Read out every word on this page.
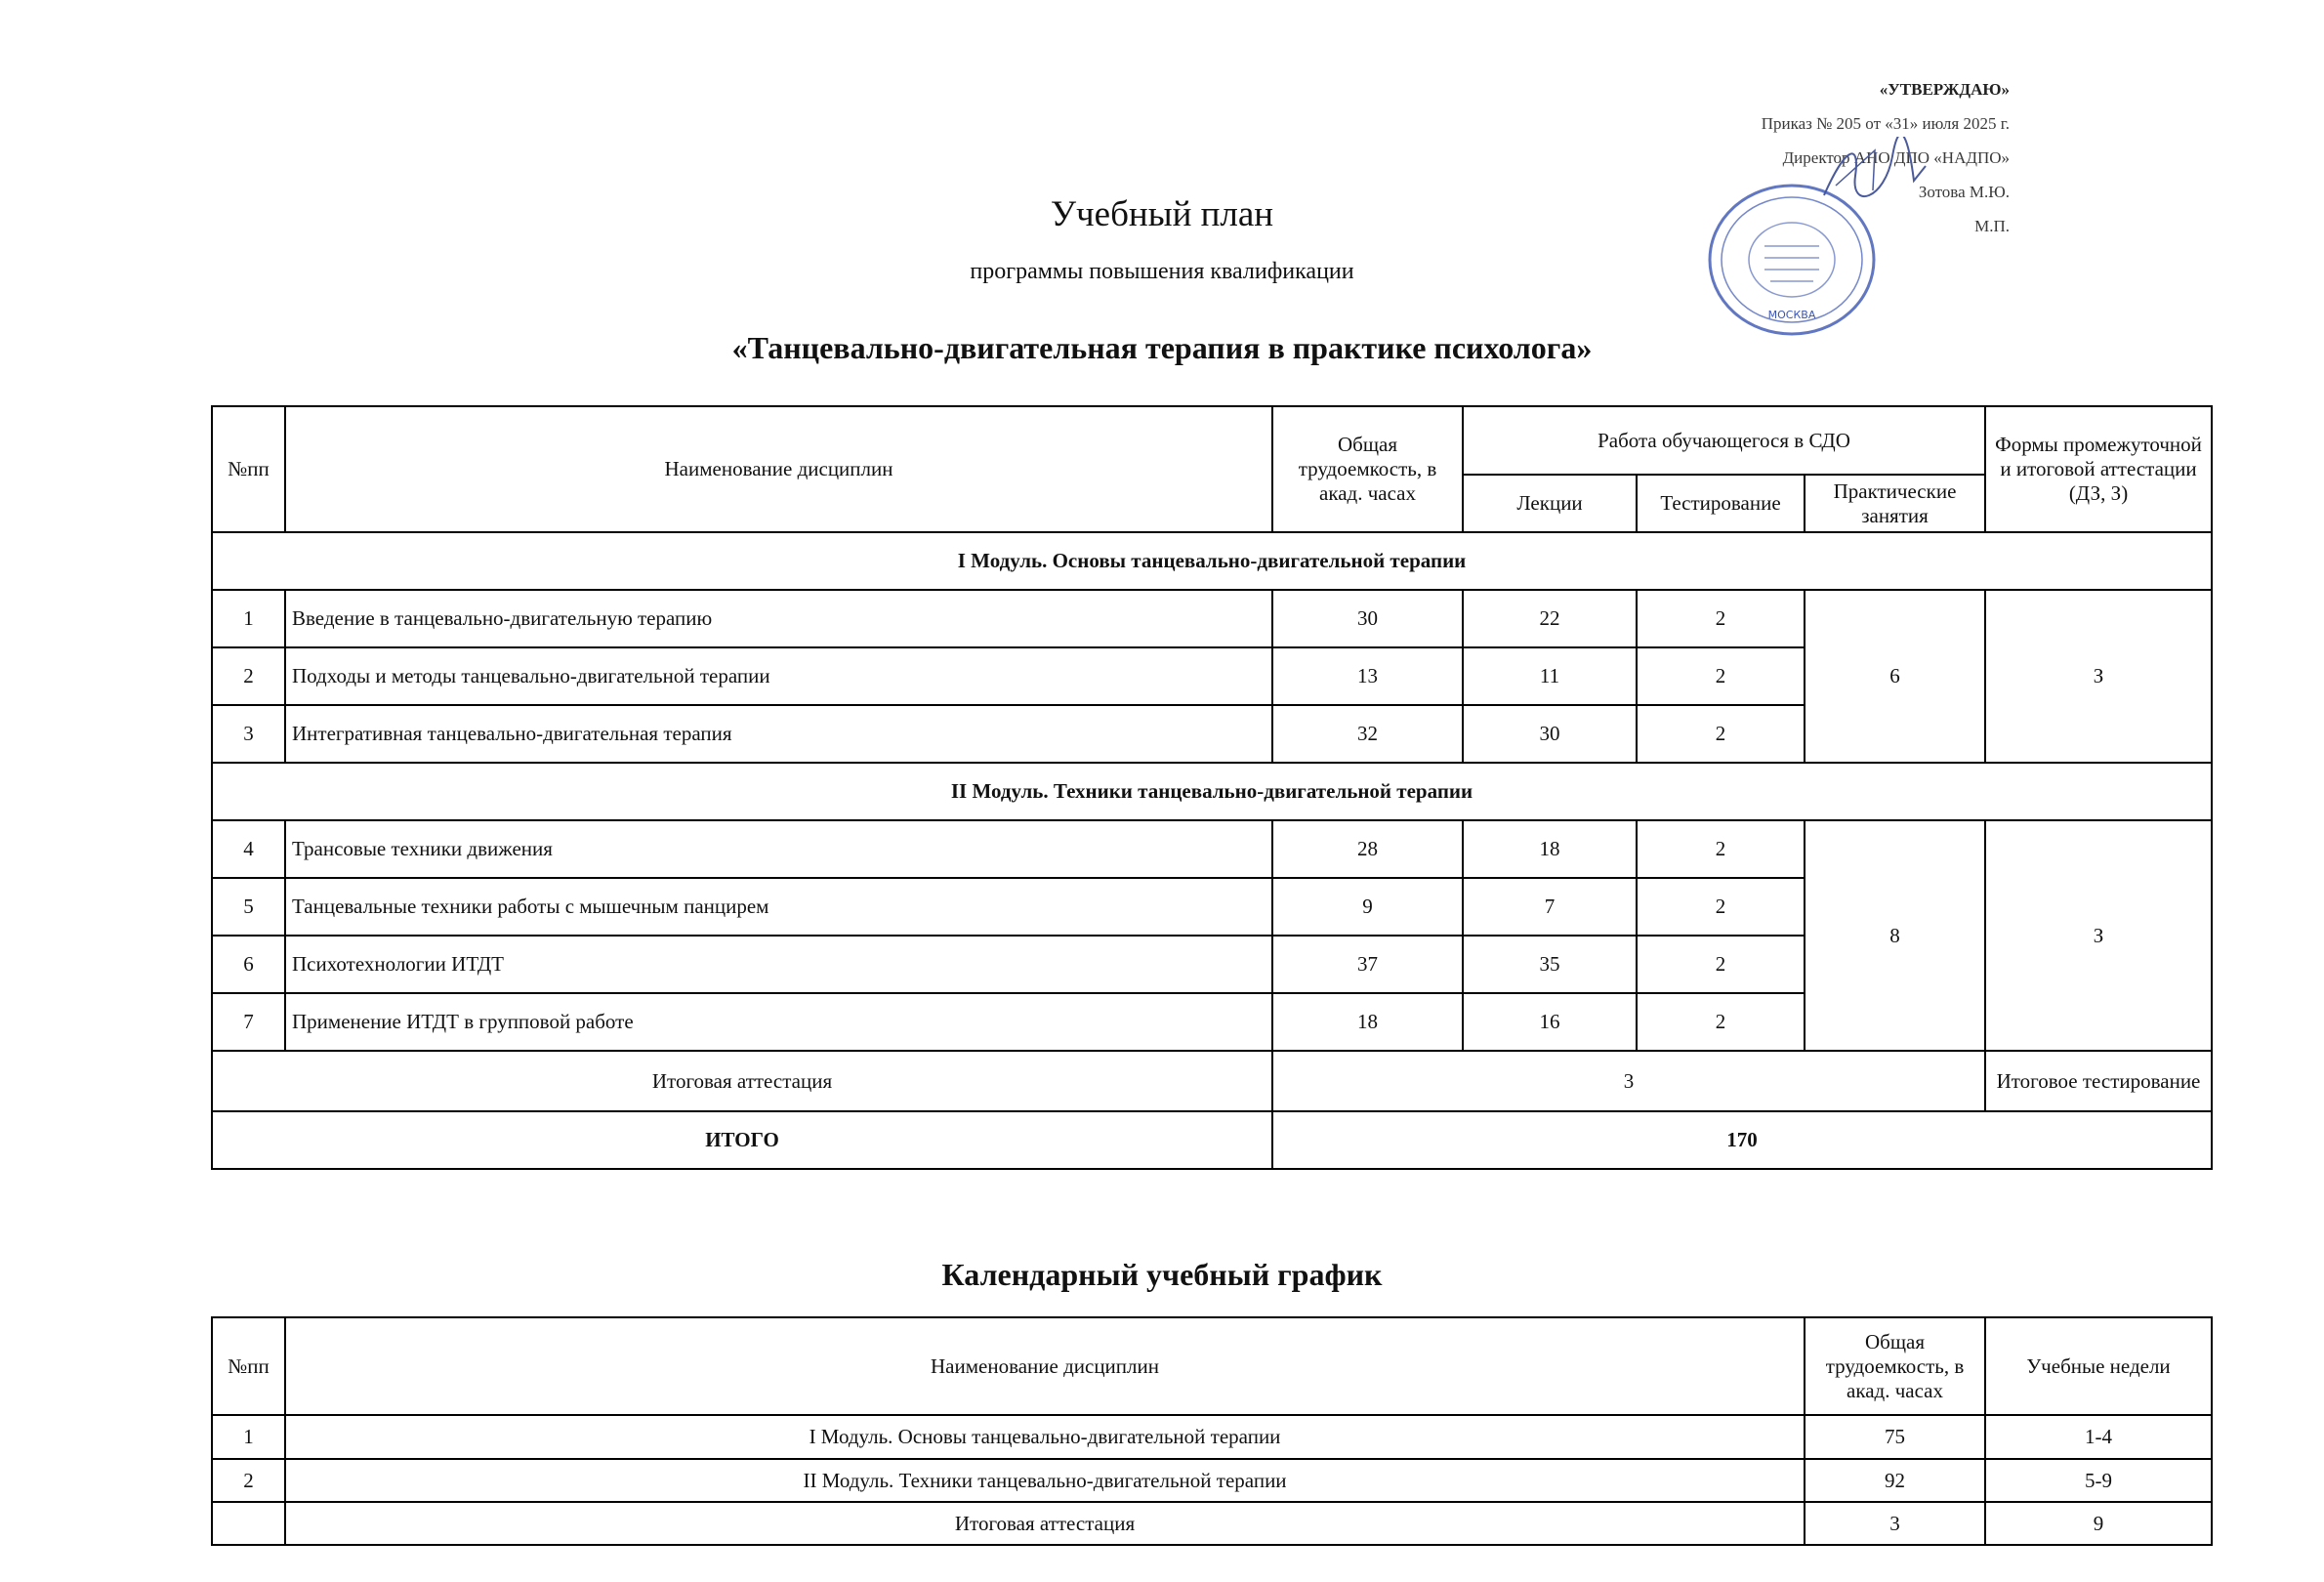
«УТВЕРЖДАЮ»
Приказ № 205 от «31» июля 2025 г.
Директор АНО ДПО «НАДПО»
Зотова М.Ю.
М.П.
МОСКВА
Учебный план
программы повышения квалификации
«Танцевально-двигательная терапия в практике психолога»
№пп	Наименование дисциплин	Общая трудоемкость, в акад. часах	Работа обучающегося в СДО			Формы промежуточной и итоговой аттестации (ДЗ, З)
			Лекции	Тестирование	Практические занятия	
I Модуль. Основы танцевально-двигательной терапии						
1	Введение в танцевально-двигательную терапию	30	22	2	6	З
2	Подходы и методы танцевально-двигательной терапии	13	11	2		
3	Интегративная танцевально-двигательная терапия	32	30	2		
II Модуль. Техники танцевально-двигательной терапии						
4	Трансовые техники движения	28	18	2	8	З
5	Танцевальные техники работы с мышечным панцирем	9	7	2		
6	Психотехнологии ИТДТ	37	35	2		
7	Применение ИТДТ в групповой работе	18	16	2		
Итоговая аттестация		3				Итоговое тестирование
ИТОГО		170				
Календарный учебный график
№пп	Наименование дисциплин	Общая трудоемкость, в акад. часах	Учебные недели
1	I Модуль. Основы танцевально-двигательной терапии	75	1-4
2	II Модуль. Техники танцевально-двигательной терапии	92	5-9
	Итоговая аттестация	3	9
